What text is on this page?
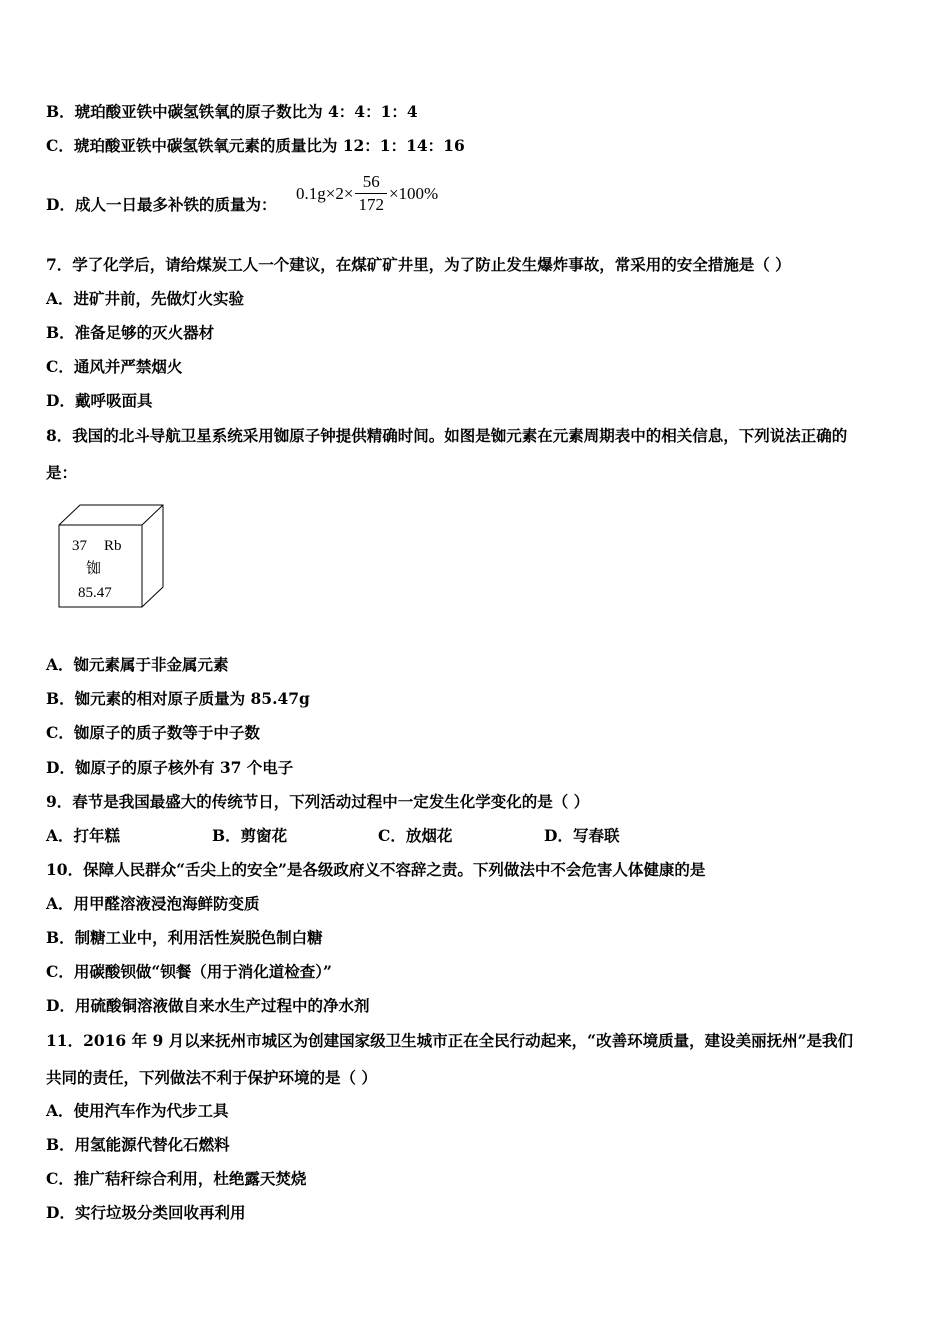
B．琥珀酸亚铁中碳氢铁氧的原子数比为 4：4：1：4
C．琥珀酸亚铁中碳氢铁氧元素的质量比为 12：1：14：16
D．成人一日最多补铁的质量为：
$0.1g \times 2\times \frac{56}{172} \times 100\%$
7．学了化学后，请给煤炭工人一个建议，在煤矿矿井里，为了防止发生爆炸事故，常采用的安全措施是（ ）
A．进矿井前，先做灯火实验
B．准备足够的灭火器材
C．通风并严禁烟火
D．戴呼吸面具
8．我国的北斗导航卫星系统采用铷原子钟提供精确时间。如图是铷元素在元素周期表中的相关信息，下列说法正确的
是：
37 Rb
铷
85.47
A．铷元素属于非金属元素
B．铷元素的相对原子质量为 85.47g
C．铷原子的质子数等于中子数
D．铷原子的原子核外有 37 个电子
9．春节是我国最盛大的传统节日，下列活动过程中一定发生化学变化的是（ ）
A．打年糕	B．剪窗花	C．放烟花	D．写春联
10．保障人民群众“舌尖上的安全”是各级政府义不容辞之责。下列做法中不会危害人体健康的是
A．用甲醛溶液浸泡海鲜防变质
B．制糖工业中，利用活性炭脱色制白糖
C．用碳酸钡做“钡餐（用于消化道检查）”
D．用硫酸铜溶液做自来水生产过程中的净水剂
11．2016 年 9 月以来抚州市城区为创建国家级卫生城市正在全民行动起来，“改善环境质量，建设美丽抚州”是我们
共同的责任，下列做法不利于保护环境的是（ ）
A．使用汽车作为代步工具
B．用氢能源代替化石燃料
C．推广秸秆综合利用，杜绝露天焚烧
D．实行垃圾分类回收再利用
